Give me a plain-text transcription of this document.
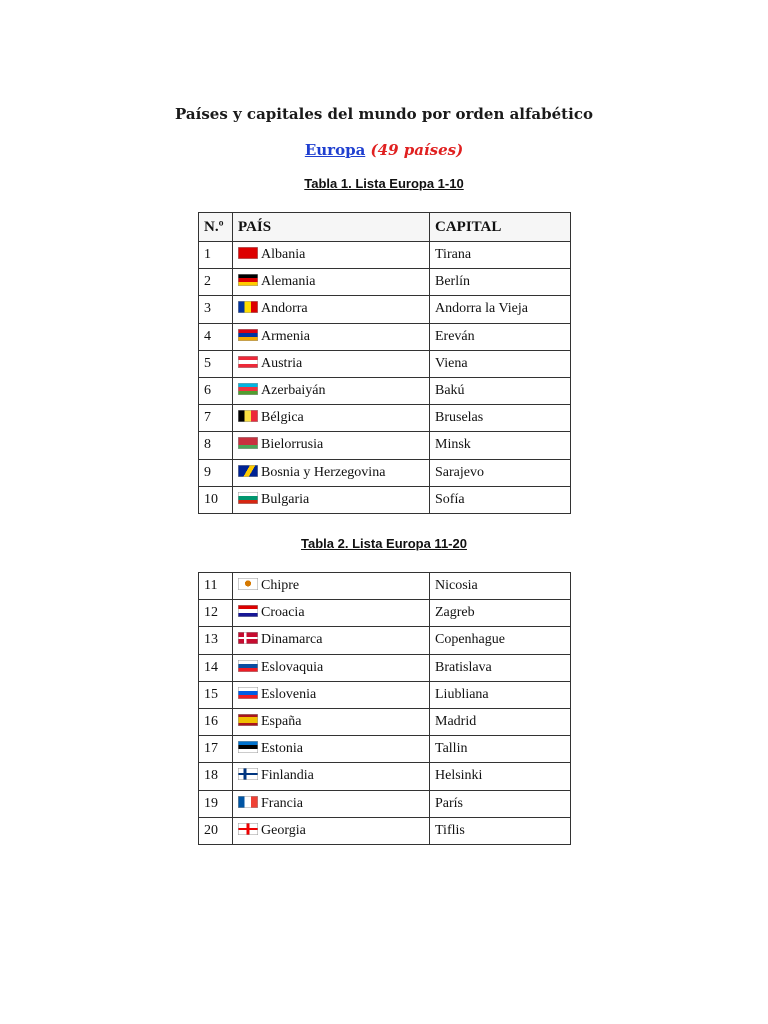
Países y capitales del mundo por orden alfabético
Europa (49 países)
Tabla 1. Lista Europa 1-10
N.º	PAÍS	CAPITAL
1	Albania	Tirana
2	Alemania	Berlín
3	Andorra	Andorra la Vieja
4	Armenia	Ereván
5	Austria	Viena
6	Azerbaiyán	Bakú
7	Bélgica	Bruselas
8	Bielorrusia	Minsk
9	Bosnia y Herzegovina	Sarajevo
10	Bulgaria	Sofía
Tabla 2. Lista Europa 11-20
11	Chipre	Nicosia
12	Croacia	Zagreb
13	Dinamarca	Copenhague
14	Eslovaquia	Bratislava
15	Eslovenia	Liubliana
16	España	Madrid
17	Estonia	Tallin
18	Finlandia	Helsinki
19	Francia	París
20	Georgia	Tiflis
